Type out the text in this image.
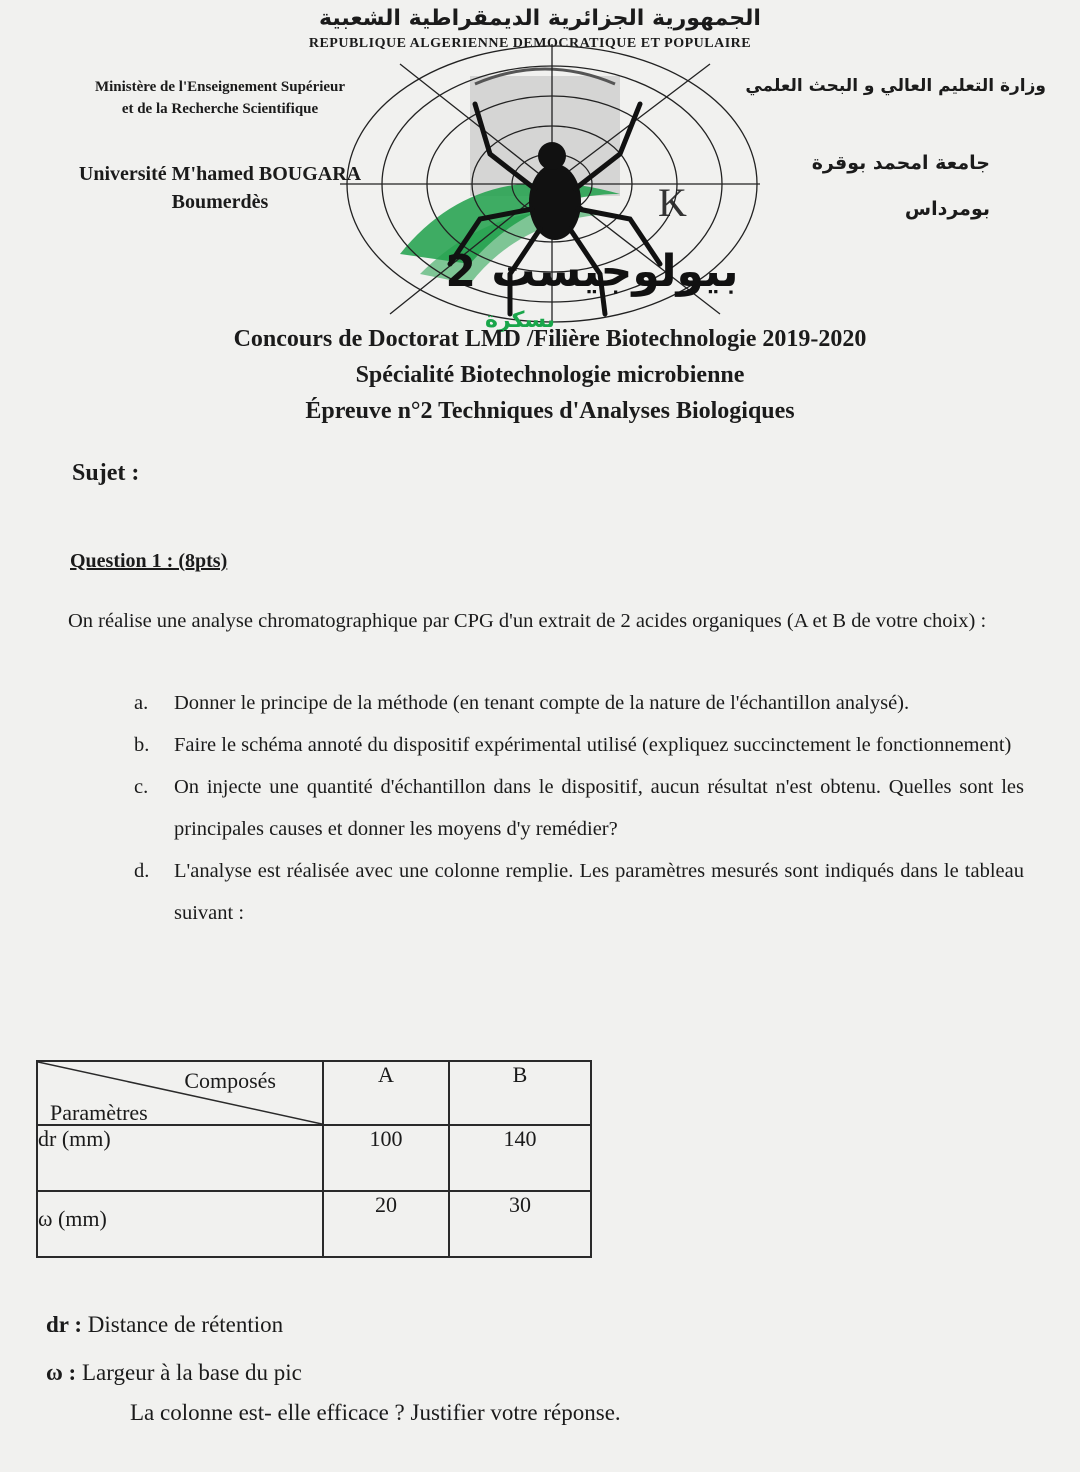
الجمهورية الجزائرية الديمقراطية الشعبية
REPUBLIQUE ALGERIENNE DEMOCRATIQUE ET POPULAIRE
Ministère de l'Enseignement Supérieur
et de la Recherche Scientifique
وزارة التعليم العالي و البحث العلمي
Université M'hamed BOUGARA
Boumerdès
جامعة امحمد بوقرة
بومرداس
Κ
بيولوجيست 2
بسكرة
Concours de Doctorat LMD /Filière Biotechnologie 2019-2020
Spécialité Biotechnologie microbienne
Épreuve n°2 Techniques d'Analyses Biologiques
Sujet :
Question 1 : (8pts)
On réalise une analyse chromatographique par CPG d'un extrait de 2 acides organiques (A et B de votre choix) :
a.	Donner le principe de la méthode (en tenant compte de la nature de l'échantillon analysé).
b.	Faire le schéma annoté du dispositif expérimental utilisé (expliquez succinctement le fonctionnement)
c.	On injecte une quantité d'échantillon dans le dispositif, aucun résultat n'est obtenu. Quelles sont les principales causes et donner les moyens d'y remédier?
d.	L'analyse est réalisée avec une colonne remplie. Les paramètres mesurés sont indiqués dans le tableau suivant :
Composés
Paramètres	A	B
dr (mm)	100	140
ω (mm)	20	30
dr : Distance de rétention
ω : Largeur à la base du pic
La colonne est- elle efficace ? Justifier votre réponse.
